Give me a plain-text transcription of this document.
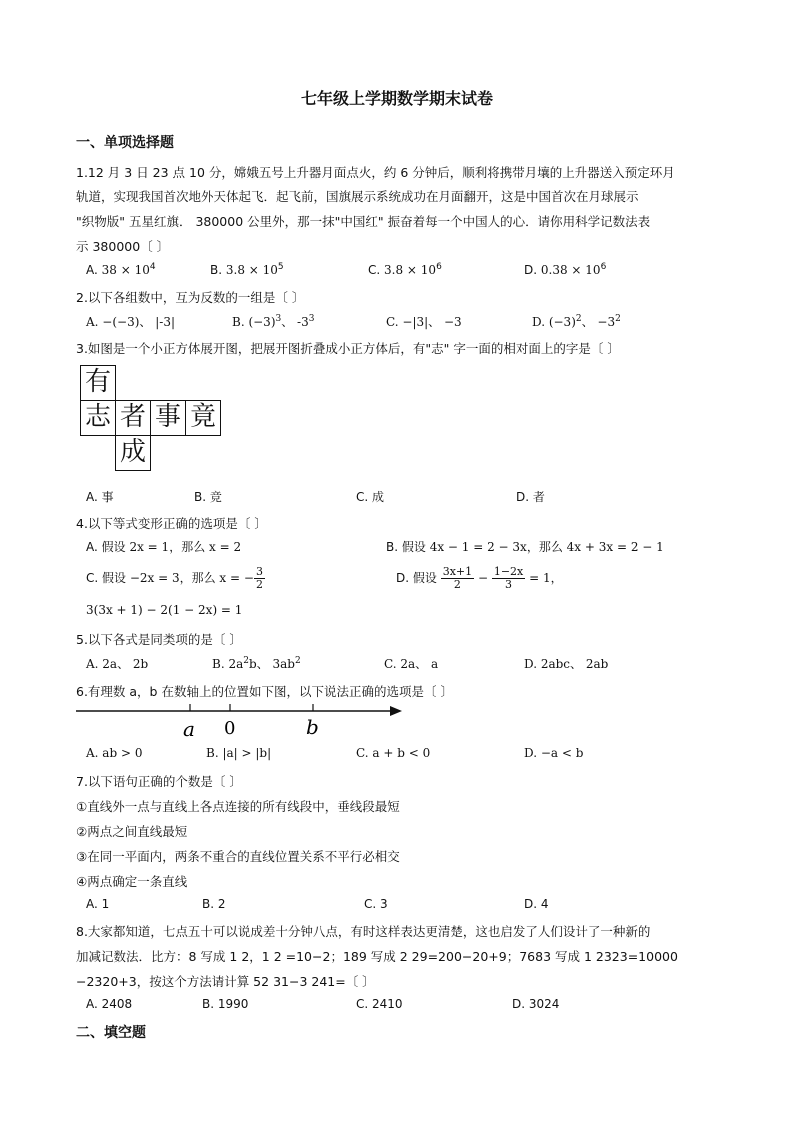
七年级上学期数学期末试卷
一、单项选择题
1.12 月 3 日 23 点 10 分，嫦娥五号上升器月面点火，约 6 分钟后，顺利将携带月壤的上升器送入预定环月
轨道，实现我国首次地外天体起飞．起飞前，国旗展示系统成功在月面翻开，这是中国首次在月球展示
"织物版" 五星红旗． 380000 公里外，那一抹"中国红" 振奋着每一个中国人的心．请你用科学记数法表
示 380000〔 〕
A. $38 \times 10^4$	B. $3.8 \times 10^5$	C. $3.8 \times 10^6$	D. $0.38 \times 10^6$
2.以下各组数中，互为反数的一组是〔 〕
A. −(−3)、 |-3|	B. $(-3)^3$、 $-3^3$	C. −|3|、 −3	D. $(-3)^2$、 $-3^2$
3.如图是一个小正方体展开图，把展开图折叠成小正方体后，有"志" 字一面的相对面上的字是〔 〕
有
志 者 事 竟
成
A. 事	B. 竞	C. 成	D. 者
4.以下等式变形正确的选项是〔 〕
A. 假设 2x = 1，那么 x = 2	B. 假设 4x − 1 = 2 − 3x，那么 4x + 3x = 2 − 1
C. 假设 −2x = 3，那么 x = − $\frac{3}{2}$	D. 假设 $\frac{3x+1}{2} - \frac{1-2x}{3} = 1$，
3(3x + 1) − 2(1 − 2x) = 1
5.以下各式是同类项的是〔 〕
A. 2a、 2b	B. $2a^2b$、 $3ab^2$	C. 2a、 a	D. 2abc、 2ab
6.有理数 a，b 在数轴上的位置如下图，以下说法正确的选项是〔 〕
a 0	b
A. ab > 0	B. |a| > |b|	C. a + b < 0	D. −a < b
7.以下语句正确的个数是〔 〕
①直线外一点与直线上各点连接的所有线段中，垂线段最短
②两点之间直线最短
③在同一平面内，两条不重合的直线位置关系不平行必相交
④两点确定一条直线
A. 1	B. 2	C. 3	D. 4
8.大家都知道，七点五十可以说成差十分钟八点，有时这样表达更清楚，这也启发了人们设计了一种新的
加减记数法．比方：8 写成 1 2，1 2 =10−2；189 写成 2 29=200−20+9；7683 写成 1 2323=10000
−2320+3，按这个方法请计算 52 31−3 241=〔 〕
A. 2408	B. 1990	C. 2410	D. 3024
二、填空题
